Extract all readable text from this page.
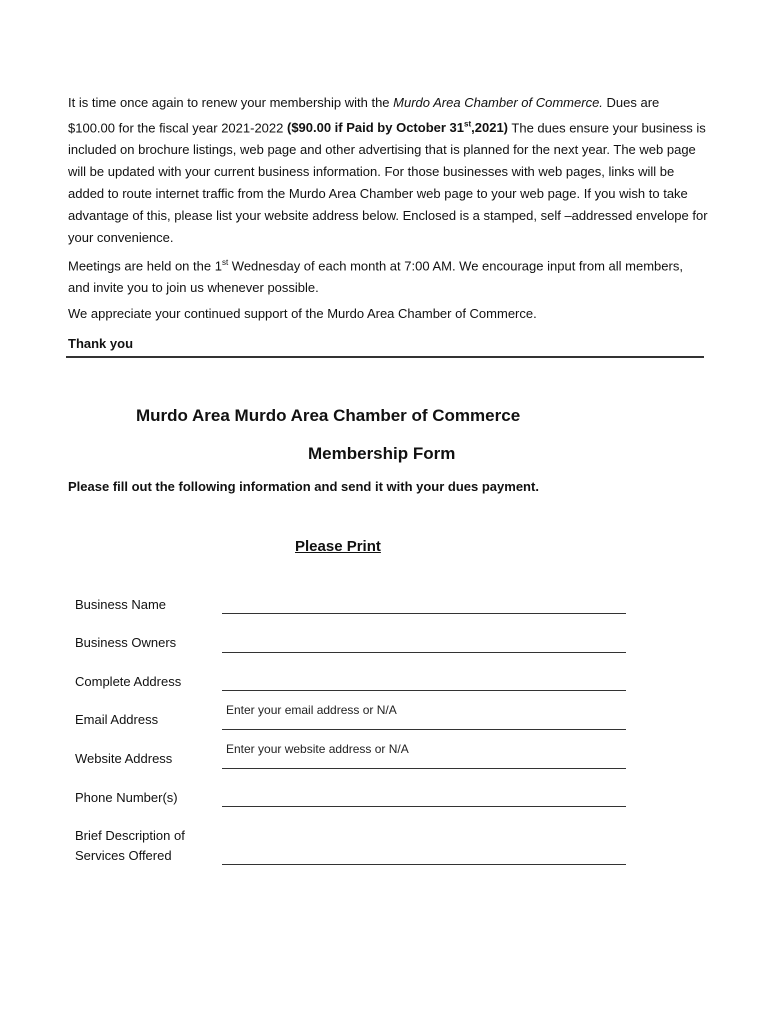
It is time once again to renew your membership with the Murdo Area Chamber of Commerce. Dues are $100.00 for the fiscal year 2021-2022 ($90.00 if Paid by October 31st,2021) The dues ensure your business is included on brochure listings, web page and other advertising that is planned for the next year. The web page will be updated with your current business information. For those businesses with web pages, links will be added to route internet traffic from the Murdo Area Chamber web page to your web page. If you wish to take advantage of this, please list your website address below. Enclosed is a stamped, self –addressed envelope for your convenience.

Meetings are held on the 1st Wednesday of each month at 7:00 AM. We encourage input from all members, and invite you to join us whenever possible.

We appreciate your continued support of the Murdo Area Chamber of Commerce.

Thank you

Murdo Area Murdo Area Chamber of Commerce

Membership Form

Please fill out the following information and send it with your dues payment.

Please Print

Business Name

Business Owners

Complete Address

Email Address

Enter your email address or N/A

Website Address

Enter your website address or N/A

Phone Number(s)

Brief Description of Services Offered
